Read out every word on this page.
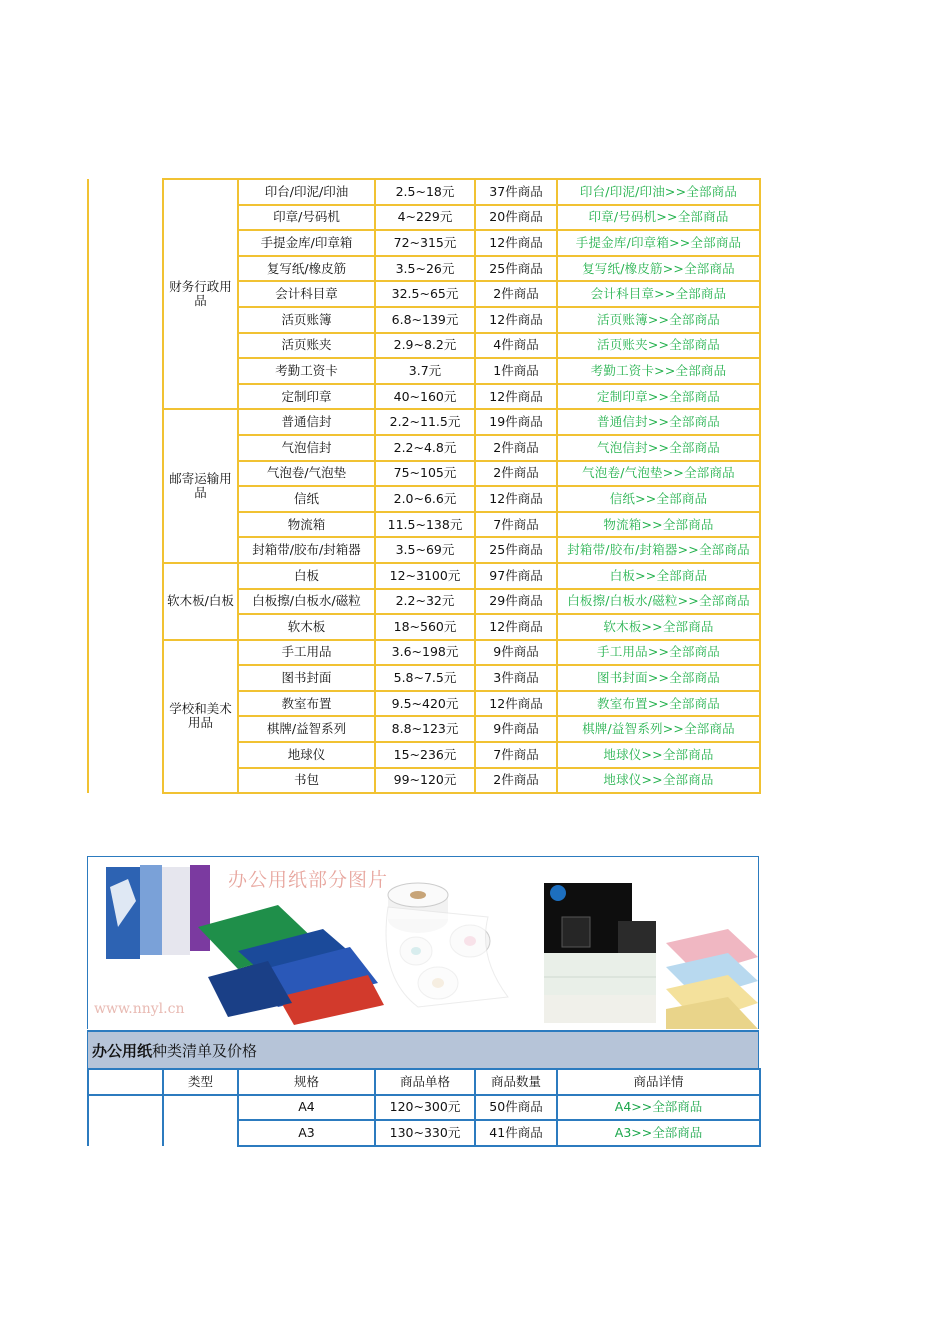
	财务行政用品	印台/印泥/印油	2.5~18元	37件商品	印台/印泥/印油>>全部商品
		印章/号码机	4~229元	20件商品	印章/号码机>>全部商品
		手提金库/印章箱	72~315元	12件商品	手提金库/印章箱>>全部商品
		复写纸/橡皮筋	3.5~26元	25件商品	复写纸/橡皮筋>>全部商品
		会计科目章	32.5~65元	2件商品	会计科目章>>全部商品
		活页账簿	6.8~139元	12件商品	活页账簿>>全部商品
		活页账夹	2.9~8.2元	4件商品	活页账夹>>全部商品
		考勤工资卡	3.7元	1件商品	考勤工资卡>>全部商品
		定制印章	40~160元	12件商品	定制印章>>全部商品
	邮寄运输用品	普通信封	2.2~11.5元	19件商品	普通信封>>全部商品
		气泡信封	2.2~4.8元	2件商品	气泡信封>>全部商品
		气泡卷/气泡垫	75~105元	2件商品	气泡卷/气泡垫>>全部商品
		信纸	2.0~6.6元	12件商品	信纸>>全部商品
		物流箱	11.5~138元	7件商品	物流箱>>全部商品
		封箱带/胶布/封箱器	3.5~69元	25件商品	封箱带/胶布/封箱器>>全部商品
	软木板/白板	白板	12~3100元	97件商品	白板>>全部商品
		白板擦/白板水/磁粒	2.2~32元	29件商品	白板擦/白板水/磁粒>>全部商品
		软木板	18~560元	12件商品	软木板>>全部商品
	学校和美术用品	手工用品	3.6~198元	9件商品	手工用品>>全部商品
		图书封面	5.8~7.5元	3件商品	图书封面>>全部商品
		教室布置	9.5~420元	12件商品	教室布置>>全部商品
		棋牌/益智系列	8.8~123元	9件商品	棋牌/益智系列>>全部商品
		地球仪	15~236元	7件商品	地球仪>>全部商品
		书包	99~120元	2件商品	地球仪>>全部商品
办公用纸部分图片
www.nnyl.cn
办公用纸 种类清单及价格
	类型	规格	商品单格	商品数量	商品详情
		A4	120~300元	50件商品	A4>>全部商品
		A3	130~330元	41件商品	A3>>全部商品
